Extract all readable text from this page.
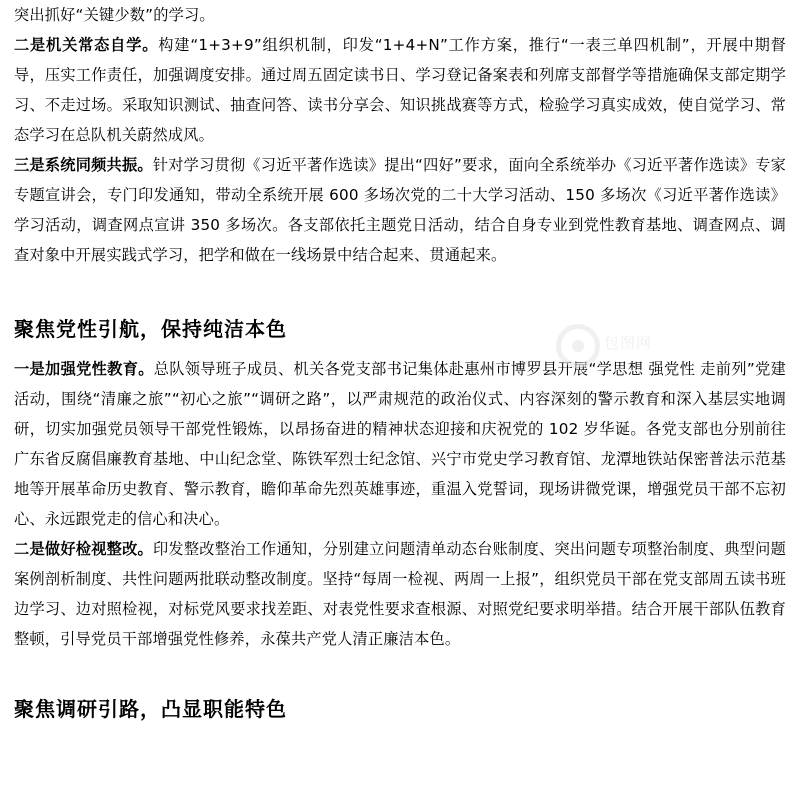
突出抓好“关键少数”的学习。

二是机关常态自学。构建“1+3+9”组织机制，印发“1+4+N”工作方案，推行“一表三单四机制”，开展中期督导，压实工作责任，加强调度安排。通过周五固定读书日、学习登记备案表和列席支部督学等措施确保支部定期学习、不走过场。采取知识测试、抽查问答、读书分享会、知识挑战赛等方式，检验学习真实成效，使自觉学习、常态学习在总队机关蔚然成风。

三是系统同频共振。针对学习贯彻《习近平著作选读》提出“四好”要求，面向全系统举办《习近平著作选读》专家专题宣讲会，专门印发通知，带动全系统开展 600 多场次党的二十大学习活动、150 多场次《习近平著作选读》学习活动，调查网点宣讲 350 多场次。各支部依托主题党日活动，结合自身专业到党性教育基地、调查网点、调查对象中开展实践式学习，把学和做在一线场景中结合起来、贯通起来。

聚焦党性引航，保持纯洁本色

一是加强党性教育。总队领导班子成员、机关各党支部书记集体赴惠州市博罗县开展“学思想 强党性 走前列”党建活动，围绕“清廉之旅”“初心之旅”“调研之路”，以严肃规范的政治仪式、内容深刻的警示教育和深入基层实地调研，切实加强党员领导干部党性锻炼，以昂扬奋进的精神状态迎接和庆祝党的 102 岁华诞。各党支部也分别前往广东省反腐倡廉教育基地、中山纪念堂、陈铁军烈士纪念馆、兴宁市党史学习教育馆、龙潭地铁站保密普法示范基地等开展革命历史教育、警示教育，瞻仰革命先烈英雄事迹，重温入党誓词，现场讲微党课，增强党员干部不忘初心、永远跟党走的信心和决心。

二是做好检视整改。印发整改整治工作通知，分别建立问题清单动态台账制度、突出问题专项整治制度、典型问题案例剖析制度、共性问题两批联动整改制度。坚持“每周一检视、两周一上报”，组织党员干部在党支部周五读书班边学习、边对照检视，对标党风要求找差距、对表党性要求查根源、对照党纪要求明举措。结合开展干部队伍教育整顿，引导党员干部增强党性修养，永葆共产党人清正廉洁本色。

聚焦调研引路，凸显职能特色
包图网
